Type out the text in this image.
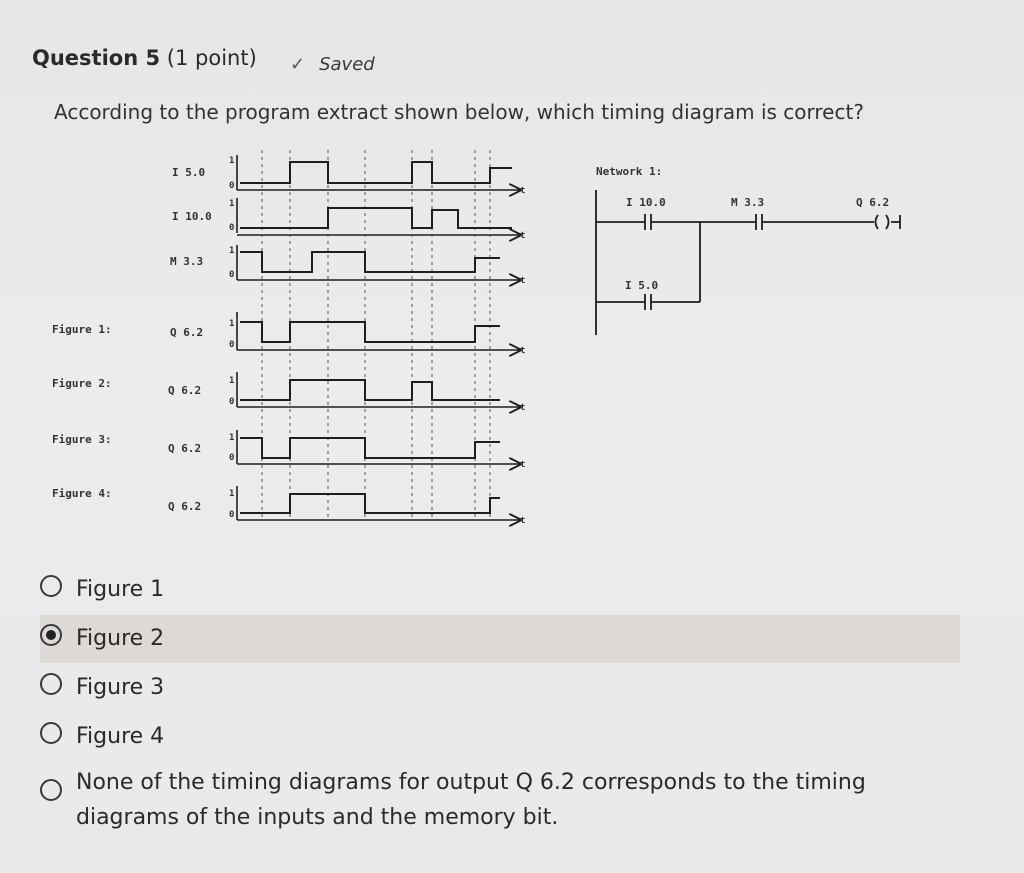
Question 5 (1 point) ✓ Saved
According to the program extract shown below, which timing diagram is correct?
I 5.0
I 10.0
M 3.3
Figure 1:
Figure 2:
Figure 3:
Figure 4:
Q 6.2
Q 6.2
Q 6.2
Q 6.2
1
0
1
0
1
0
1
0
1
0
1
0
1
0
t
t
t
t
t
t
t
Network 1:
I 10.0	M 3.3	Q 6.2
I 5.0
Figure 1
Figure 2
Figure 3
Figure 4
None of the timing diagrams for output Q 6.2 corresponds to the timing
diagrams of the inputs and the memory bit.
